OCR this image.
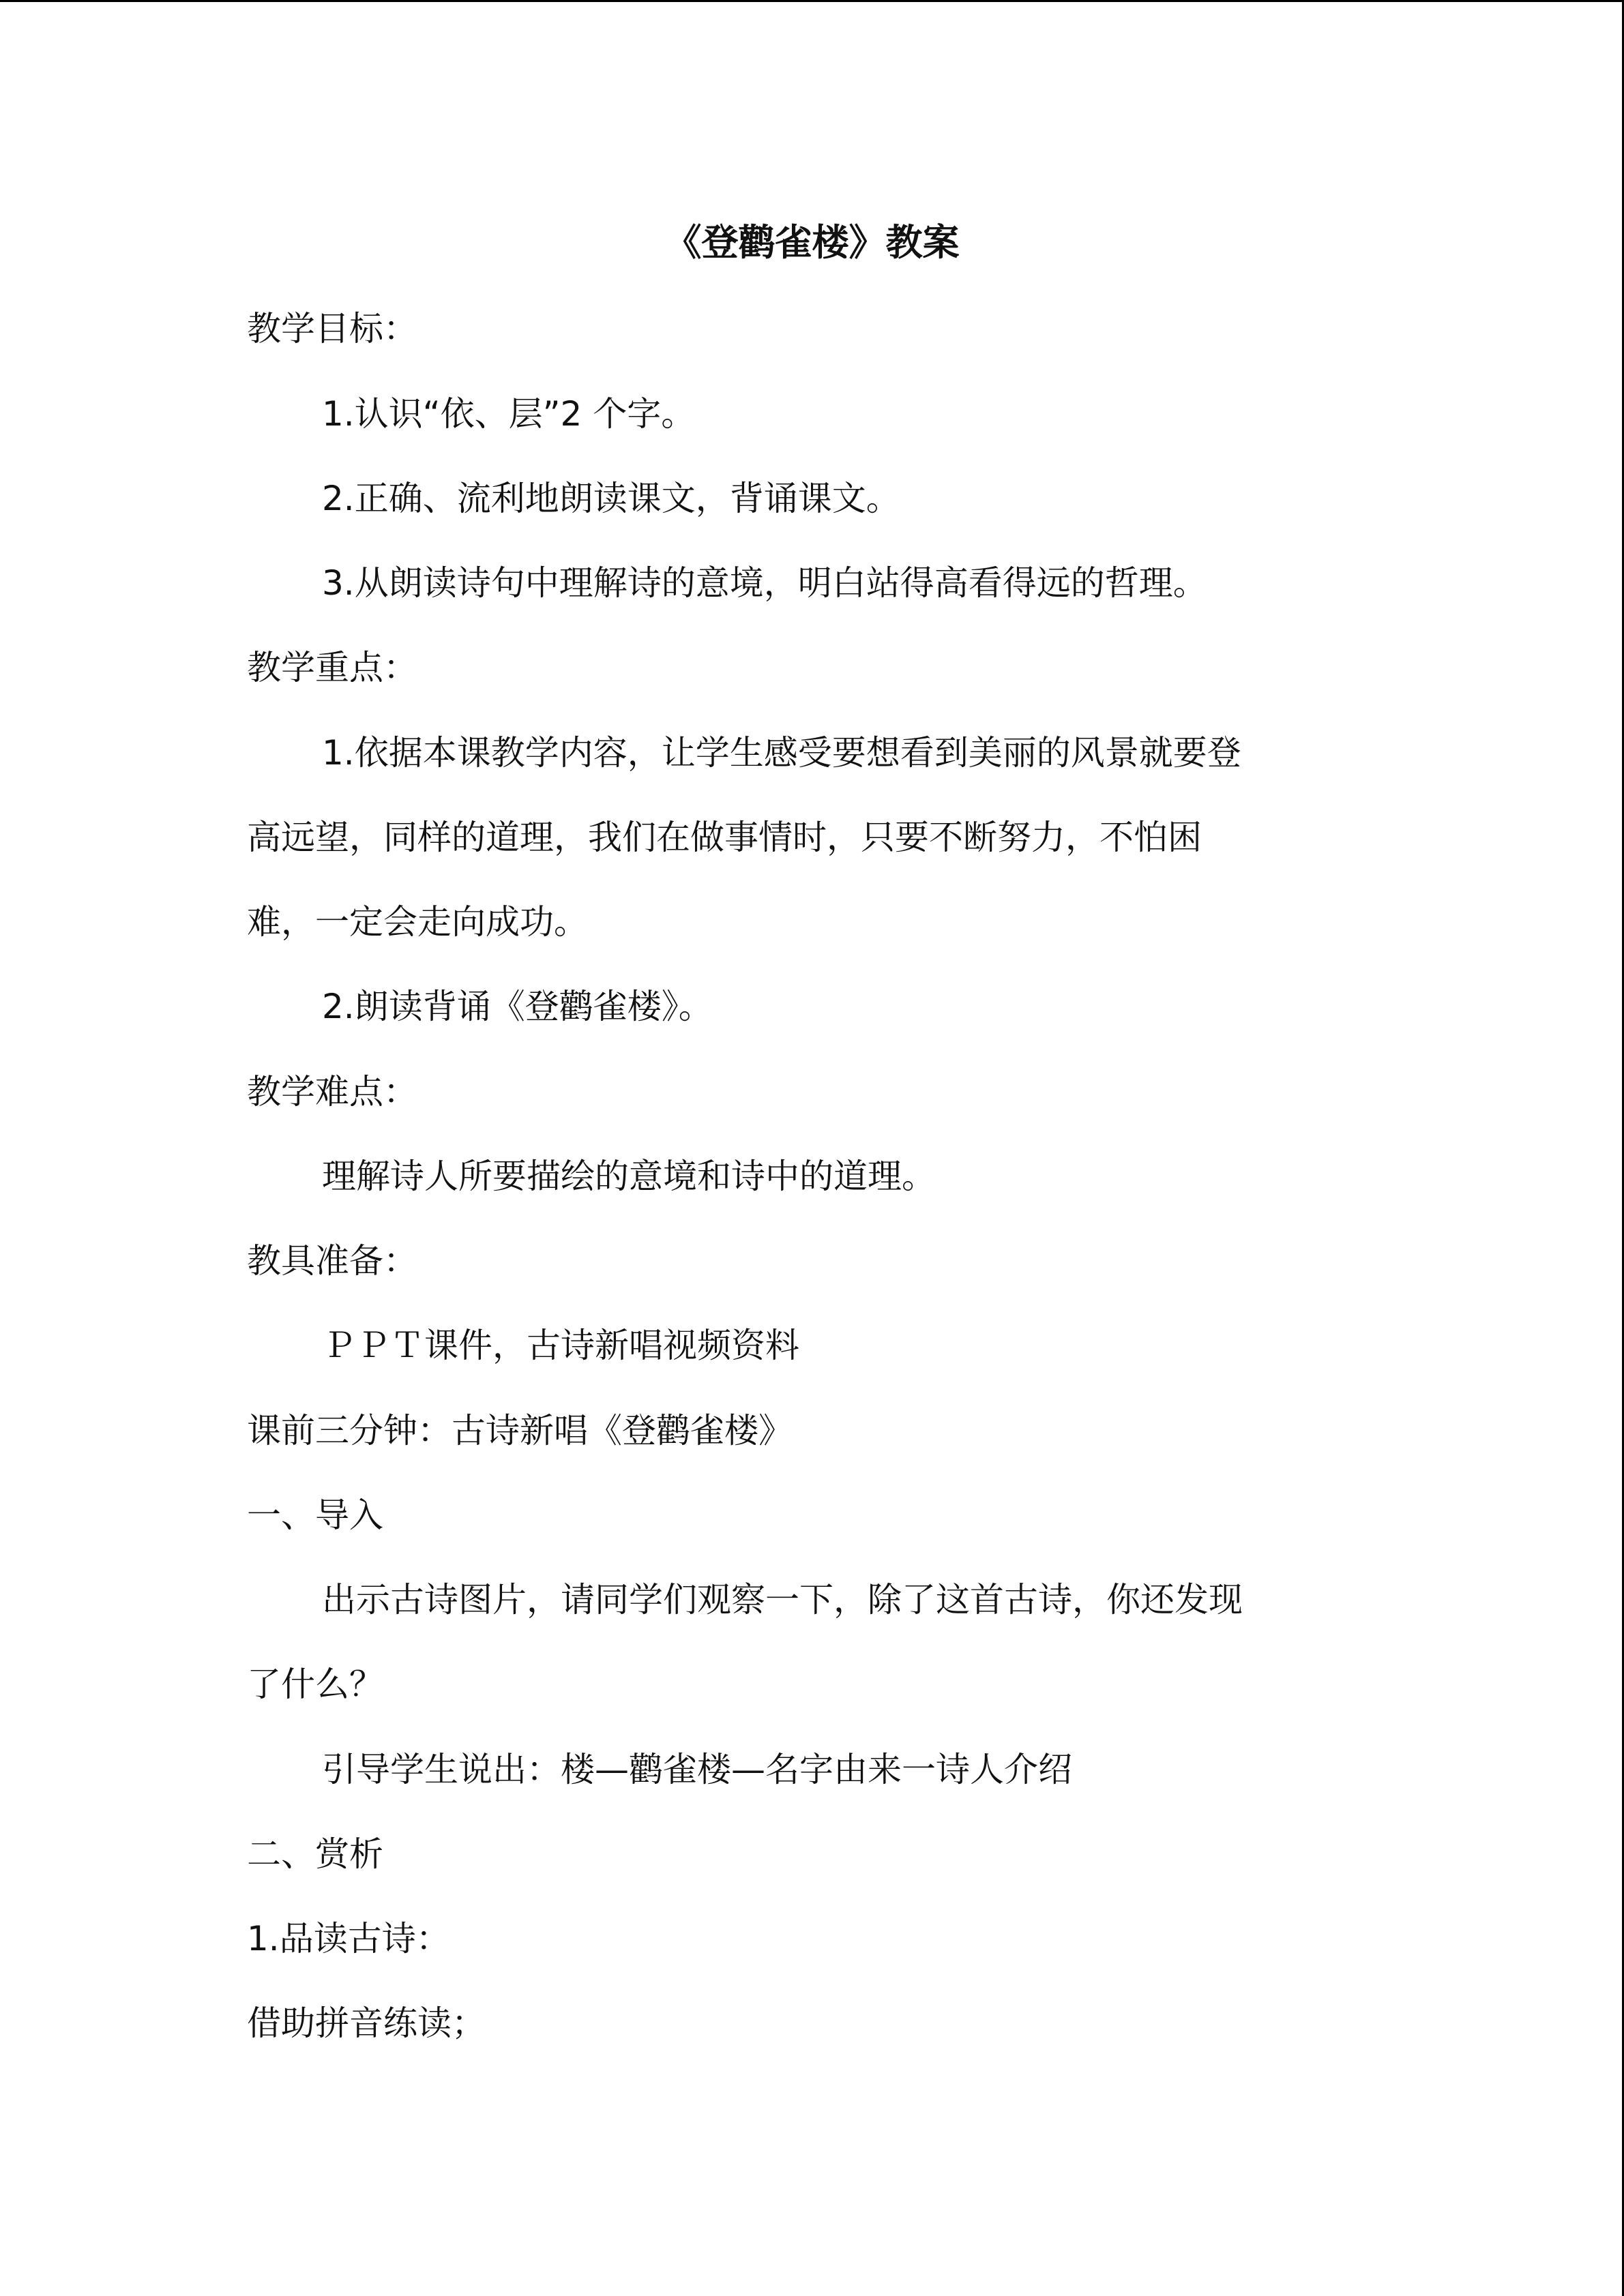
《登鹳雀楼》教案
教学目标：
1.认识“依、层”2 个字。
2.正确、流利地朗读课文，背诵课文。
3.从朗读诗句中理解诗的意境，明白站得高看得远的哲理。
教学重点：
1.依据本课教学内容，让学生感受要想看到美丽的风景就要登
高远望，同样的道理，我们在做事情时，只要不断努力，不怕困
难，一定会走向成功。
2.朗读背诵《登鹳雀楼》。
教学难点：
理解诗人所要描绘的意境和诗中的道理。
教具准备：
ＰＰＴ课件，古诗新唱视频资料
课前三分钟：古诗新唱《登鹳雀楼》
一、导入
出示古诗图片，请同学们观察一下，除了这首古诗，你还发现
了什么？
引导学生说出：楼—鹳雀楼—名字由来一诗人介绍
二、赏析
1.品读古诗：
借助拼音练读；
